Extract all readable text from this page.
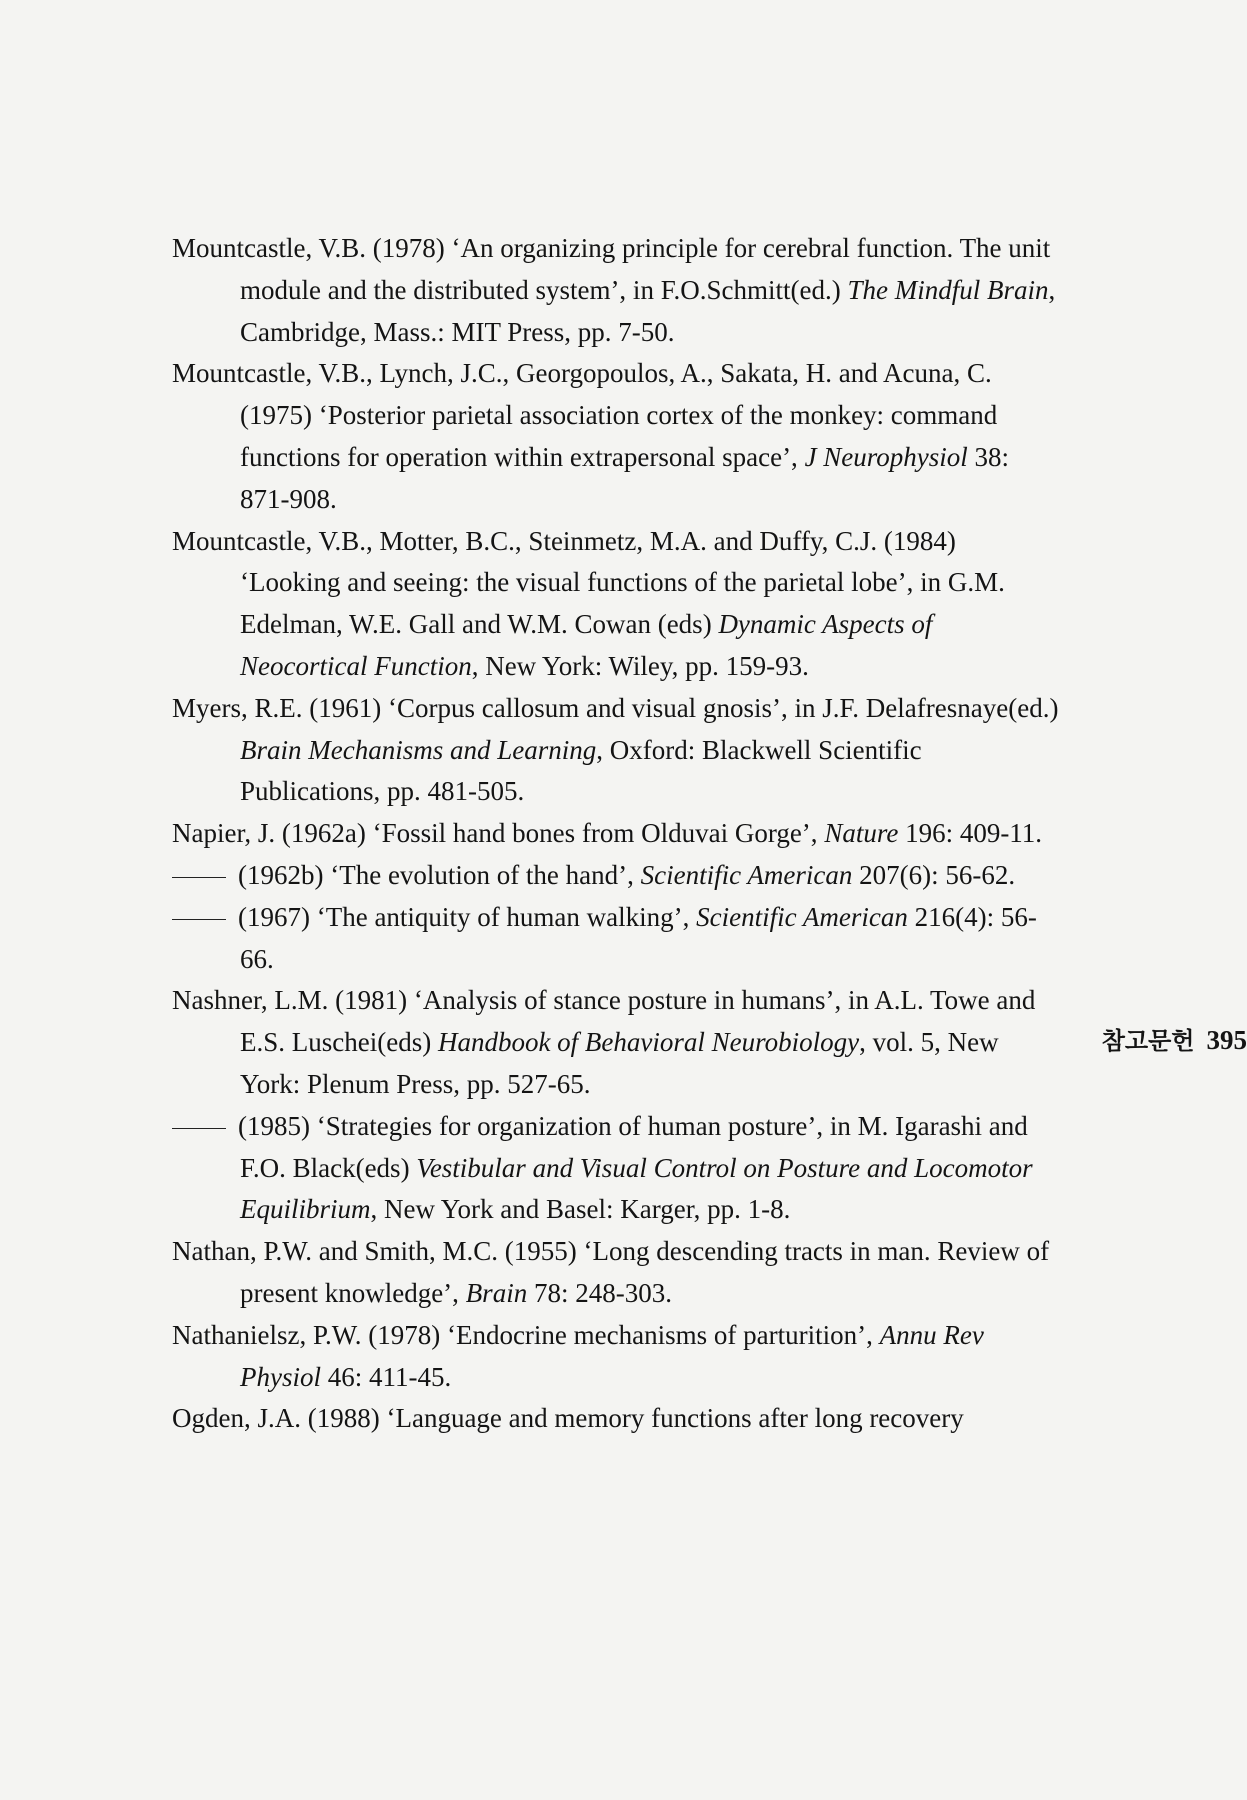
Mountcastle, V.B. (1978) ‘An organizing principle for cerebral function. The unit module and the distributed system’, in F.O.Schmitt(ed.) The Mindful Brain, Cambridge, Mass.: MIT Press, pp. 7-50.

Mountcastle, V.B., Lynch, J.C., Georgopoulos, A., Sakata, H. and Acuna, C. (1975) ‘Posterior parietal association cortex of the monkey: command functions for operation within extrapersonal space’, J Neurophysiol 38: 871-908.

Mountcastle, V.B., Motter, B.C., Steinmetz, M.A. and Duffy, C.J. (1984) ‘Looking and seeing: the visual functions of the parietal lobe’, in G.M. Edelman, W.E. Gall and W.M. Cowan (eds) Dynamic Aspects of Neocortical Function, New York: Wiley, pp. 159-93.

Myers, R.E. (1961) ‘Corpus callosum and visual gnosis’, in J.F. Delafresnaye(ed.) Brain Mechanisms and Learning, Oxford: Blackwell Scientific Publications, pp. 481-505.

Napier, J. (1962a) ‘Fossil hand bones from Olduvai Gorge’, Nature 196: 409-11.

(1962b) ‘The evolution of the hand’, Scientific American 207(6): 56-62.

(1967) ‘The antiquity of human walking’, Scientific American 216(4): 56-66.

Nashner, L.M. (1981) ‘Analysis of stance posture in humans’, in A.L. Towe and E.S. Luschei(eds) Handbook of Behavioral Neurobiology, vol. 5, New York: Plenum Press, pp. 527-65.

(1985) ‘Strategies for organization of human posture’, in M. Igarashi and F.O. Black(eds) Vestibular and Visual Control on Posture and Locomotor Equilibrium, New York and Basel: Karger, pp. 1-8.

Nathan, P.W. and Smith, M.C. (1955) ‘Long descending tracts in man. Review of present knowledge’, Brain 78: 248-303.

Nathanielsz, P.W. (1978) ‘Endocrine mechanisms of parturition’, Annu Rev Physiol 46: 411-45.

Ogden, J.A. (1988) ‘Language and memory functions after long recovery

참고문헌 395
